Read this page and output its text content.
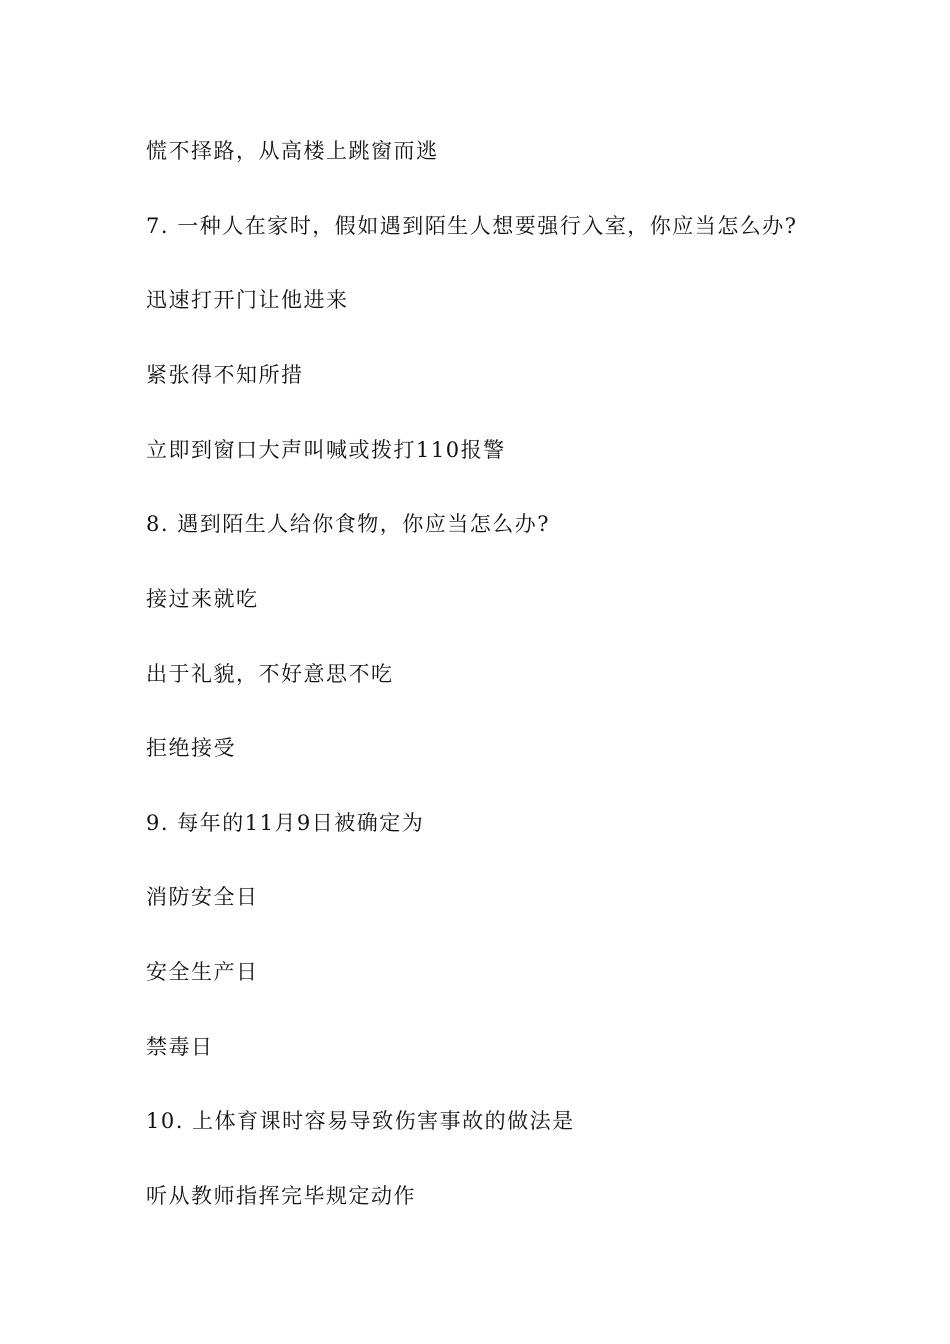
慌不择路，从高楼上跳窗而逃
7. 一种人在家时，假如遇到陌生人想要强行入室，你应当怎么办?
迅速打开门让他进来
紧张得不知所措
立即到窗口大声叫喊或拨打110报警
8. 遇到陌生人给你食物，你应当怎么办?
接过来就吃
出于礼貌，不好意思不吃
拒绝接受
9. 每年的11月9日被确定为
消防安全日
安全生产日
禁毒日
10. 上体育课时容易导致伤害事故的做法是
听从教师指挥完毕规定动作
